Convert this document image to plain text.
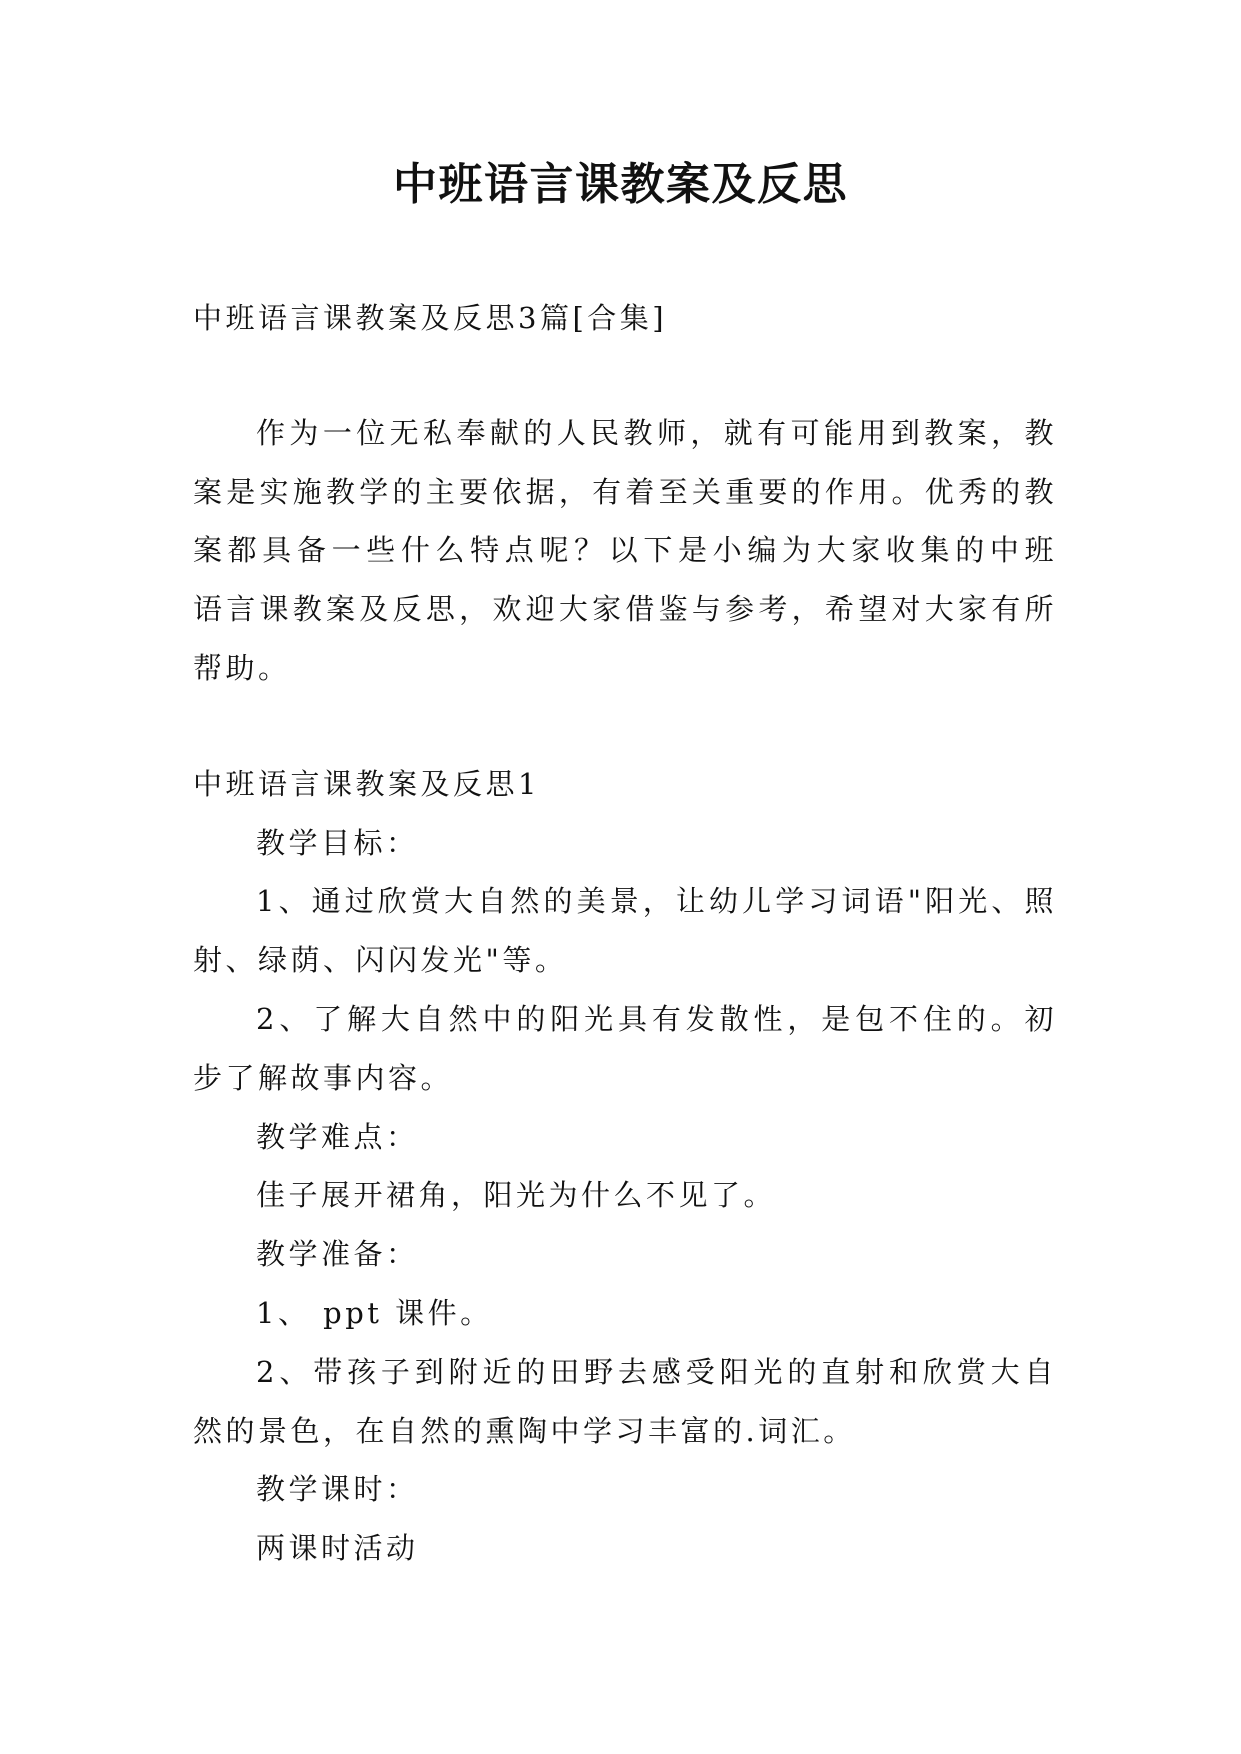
中班语言课教案及反思
中班语言课教案及反思3篇[合集]
作为一位无私奉献的人民教师，就有可能用到教案，教
案是实施教学的主要依据，有着至关重要的作用。优秀的教
案都具备一些什么特点呢？以下是小编为大家收集的中班
语言课教案及反思，欢迎大家借鉴与参考，希望对大家有所
帮助。
中班语言课教案及反思1
教学目标：
1、通过欣赏大自然的美景，让幼儿学习词语"阳光、照
射、绿荫、闪闪发光"等。
2、了解大自然中的阳光具有发散性，是包不住的。初
步了解故事内容。
教学难点：
佳子展开裙角，阳光为什么不见了。
教学准备：
1、 ppt 课件。
2、带孩子到附近的田野去感受阳光的直射和欣赏大自
然的景色，在自然的熏陶中学习丰富的.词汇。
教学课时：
两课时活动
